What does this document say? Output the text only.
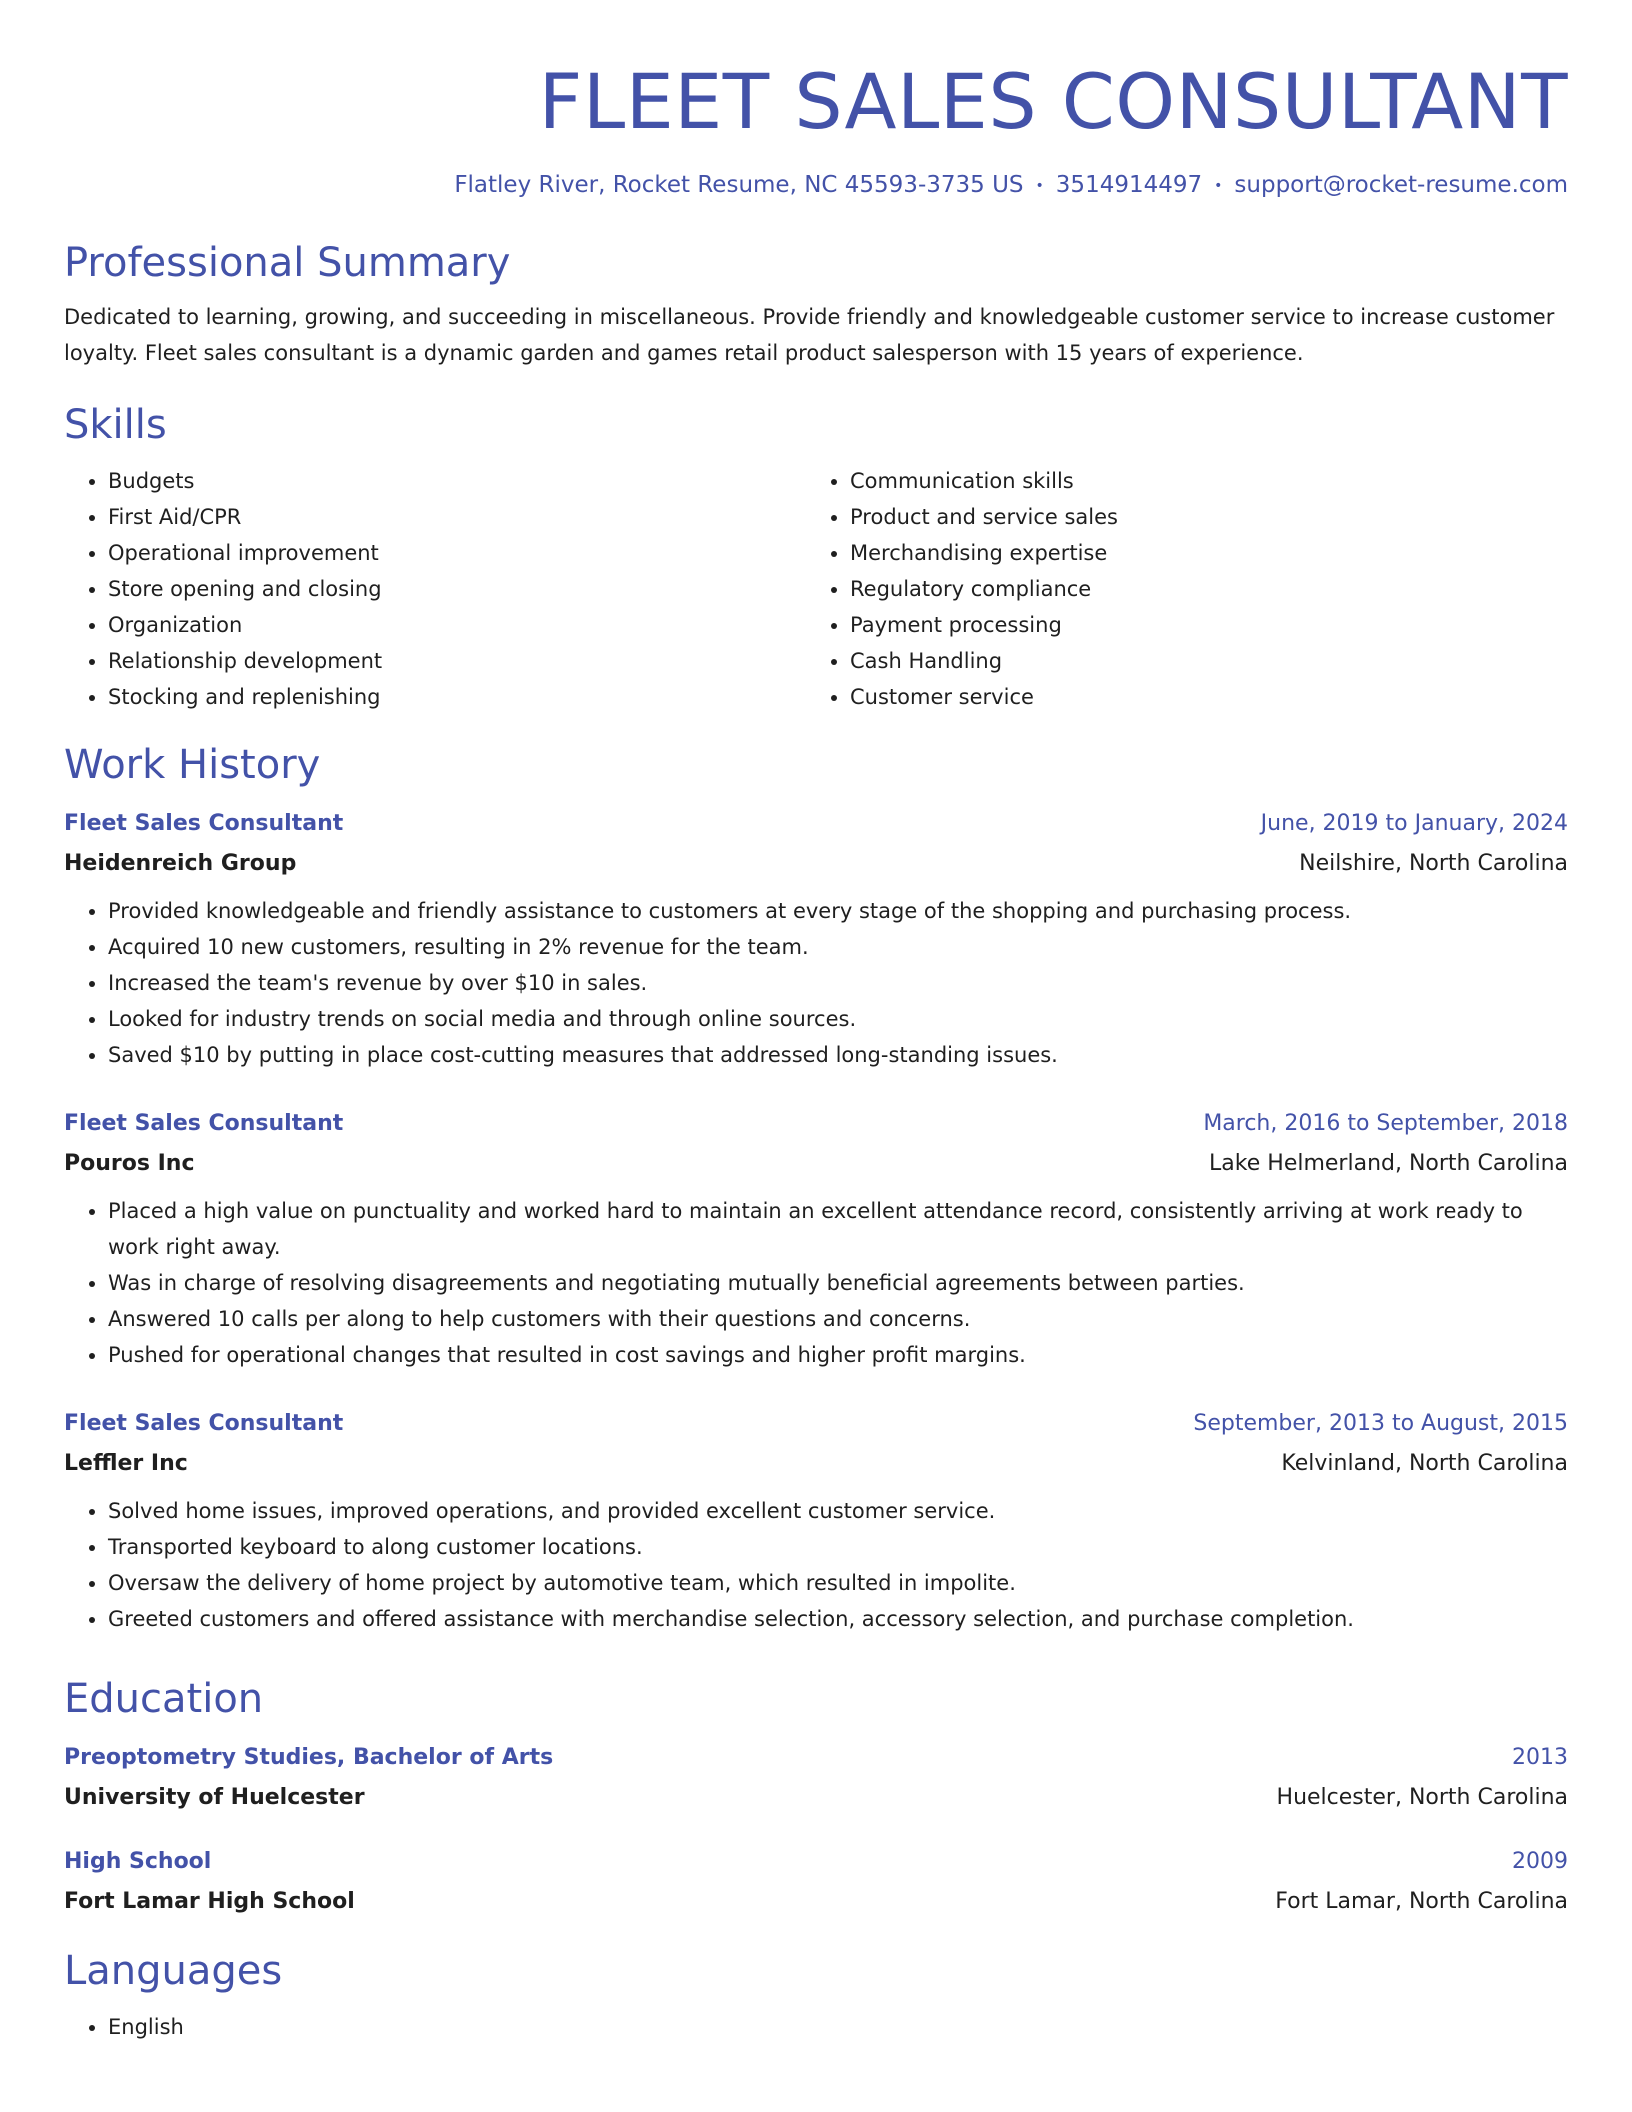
FLEET SALES CONSULTANT
Flatley River, Rocket Resume, NC 45593-3735 US • 3514914497 • support@rocket-resume.com
Professional Summary

Dedicated to learning, growing, and succeeding in miscellaneous. Provide friendly and knowledgeable customer service to increase customer loyalty. Fleet sales consultant is a dynamic garden and games retail product salesperson with 15 years of experience.

Skills
• Budgets
• First Aid/CPR
• Operational improvement
• Store opening and closing
• Organization
• Relationship development
• Stocking and replenishing
• Communication skills
• Product and service sales
• Merchandising expertise
• Regulatory compliance
• Payment processing
• Cash Handling
• Customer service
Work History
Fleet Sales Consultant	June, 2019 to January, 2024
Heidenreich Group	Neilshire, North Carolina
• Provided knowledgeable and friendly assistance to customers at every stage of the shopping and purchasing process.
• Acquired 10 new customers, resulting in 2% revenue for the team.
• Increased the team's revenue by over $10 in sales.
• Looked for industry trends on social media and through online sources.
• Saved $10 by putting in place cost-cutting measures that addressed long-standing issues.
Fleet Sales Consultant	March, 2016 to September, 2018
Pouros Inc	Lake Helmerland, North Carolina
• Placed a high value on punctuality and worked hard to maintain an excellent attendance record, consistently arriving at work ready to work right away.
• Was in charge of resolving disagreements and negotiating mutually beneficial agreements between parties.
• Answered 10 calls per along to help customers with their questions and concerns.
• Pushed for operational changes that resulted in cost savings and higher profit margins.
Fleet Sales Consultant	September, 2013 to August, 2015
Leffler Inc	Kelvinland, North Carolina
• Solved home issues, improved operations, and provided excellent customer service.
• Transported keyboard to along customer locations.
• Oversaw the delivery of home project by automotive team, which resulted in impolite.
• Greeted customers and offered assistance with merchandise selection, accessory selection, and purchase completion.
Education
Preoptometry Studies, Bachelor of Arts	2013
University of Huelcester	Huelcester, North Carolina
High School	2009
Fort Lamar High School	Fort Lamar, North Carolina
Languages
• English
